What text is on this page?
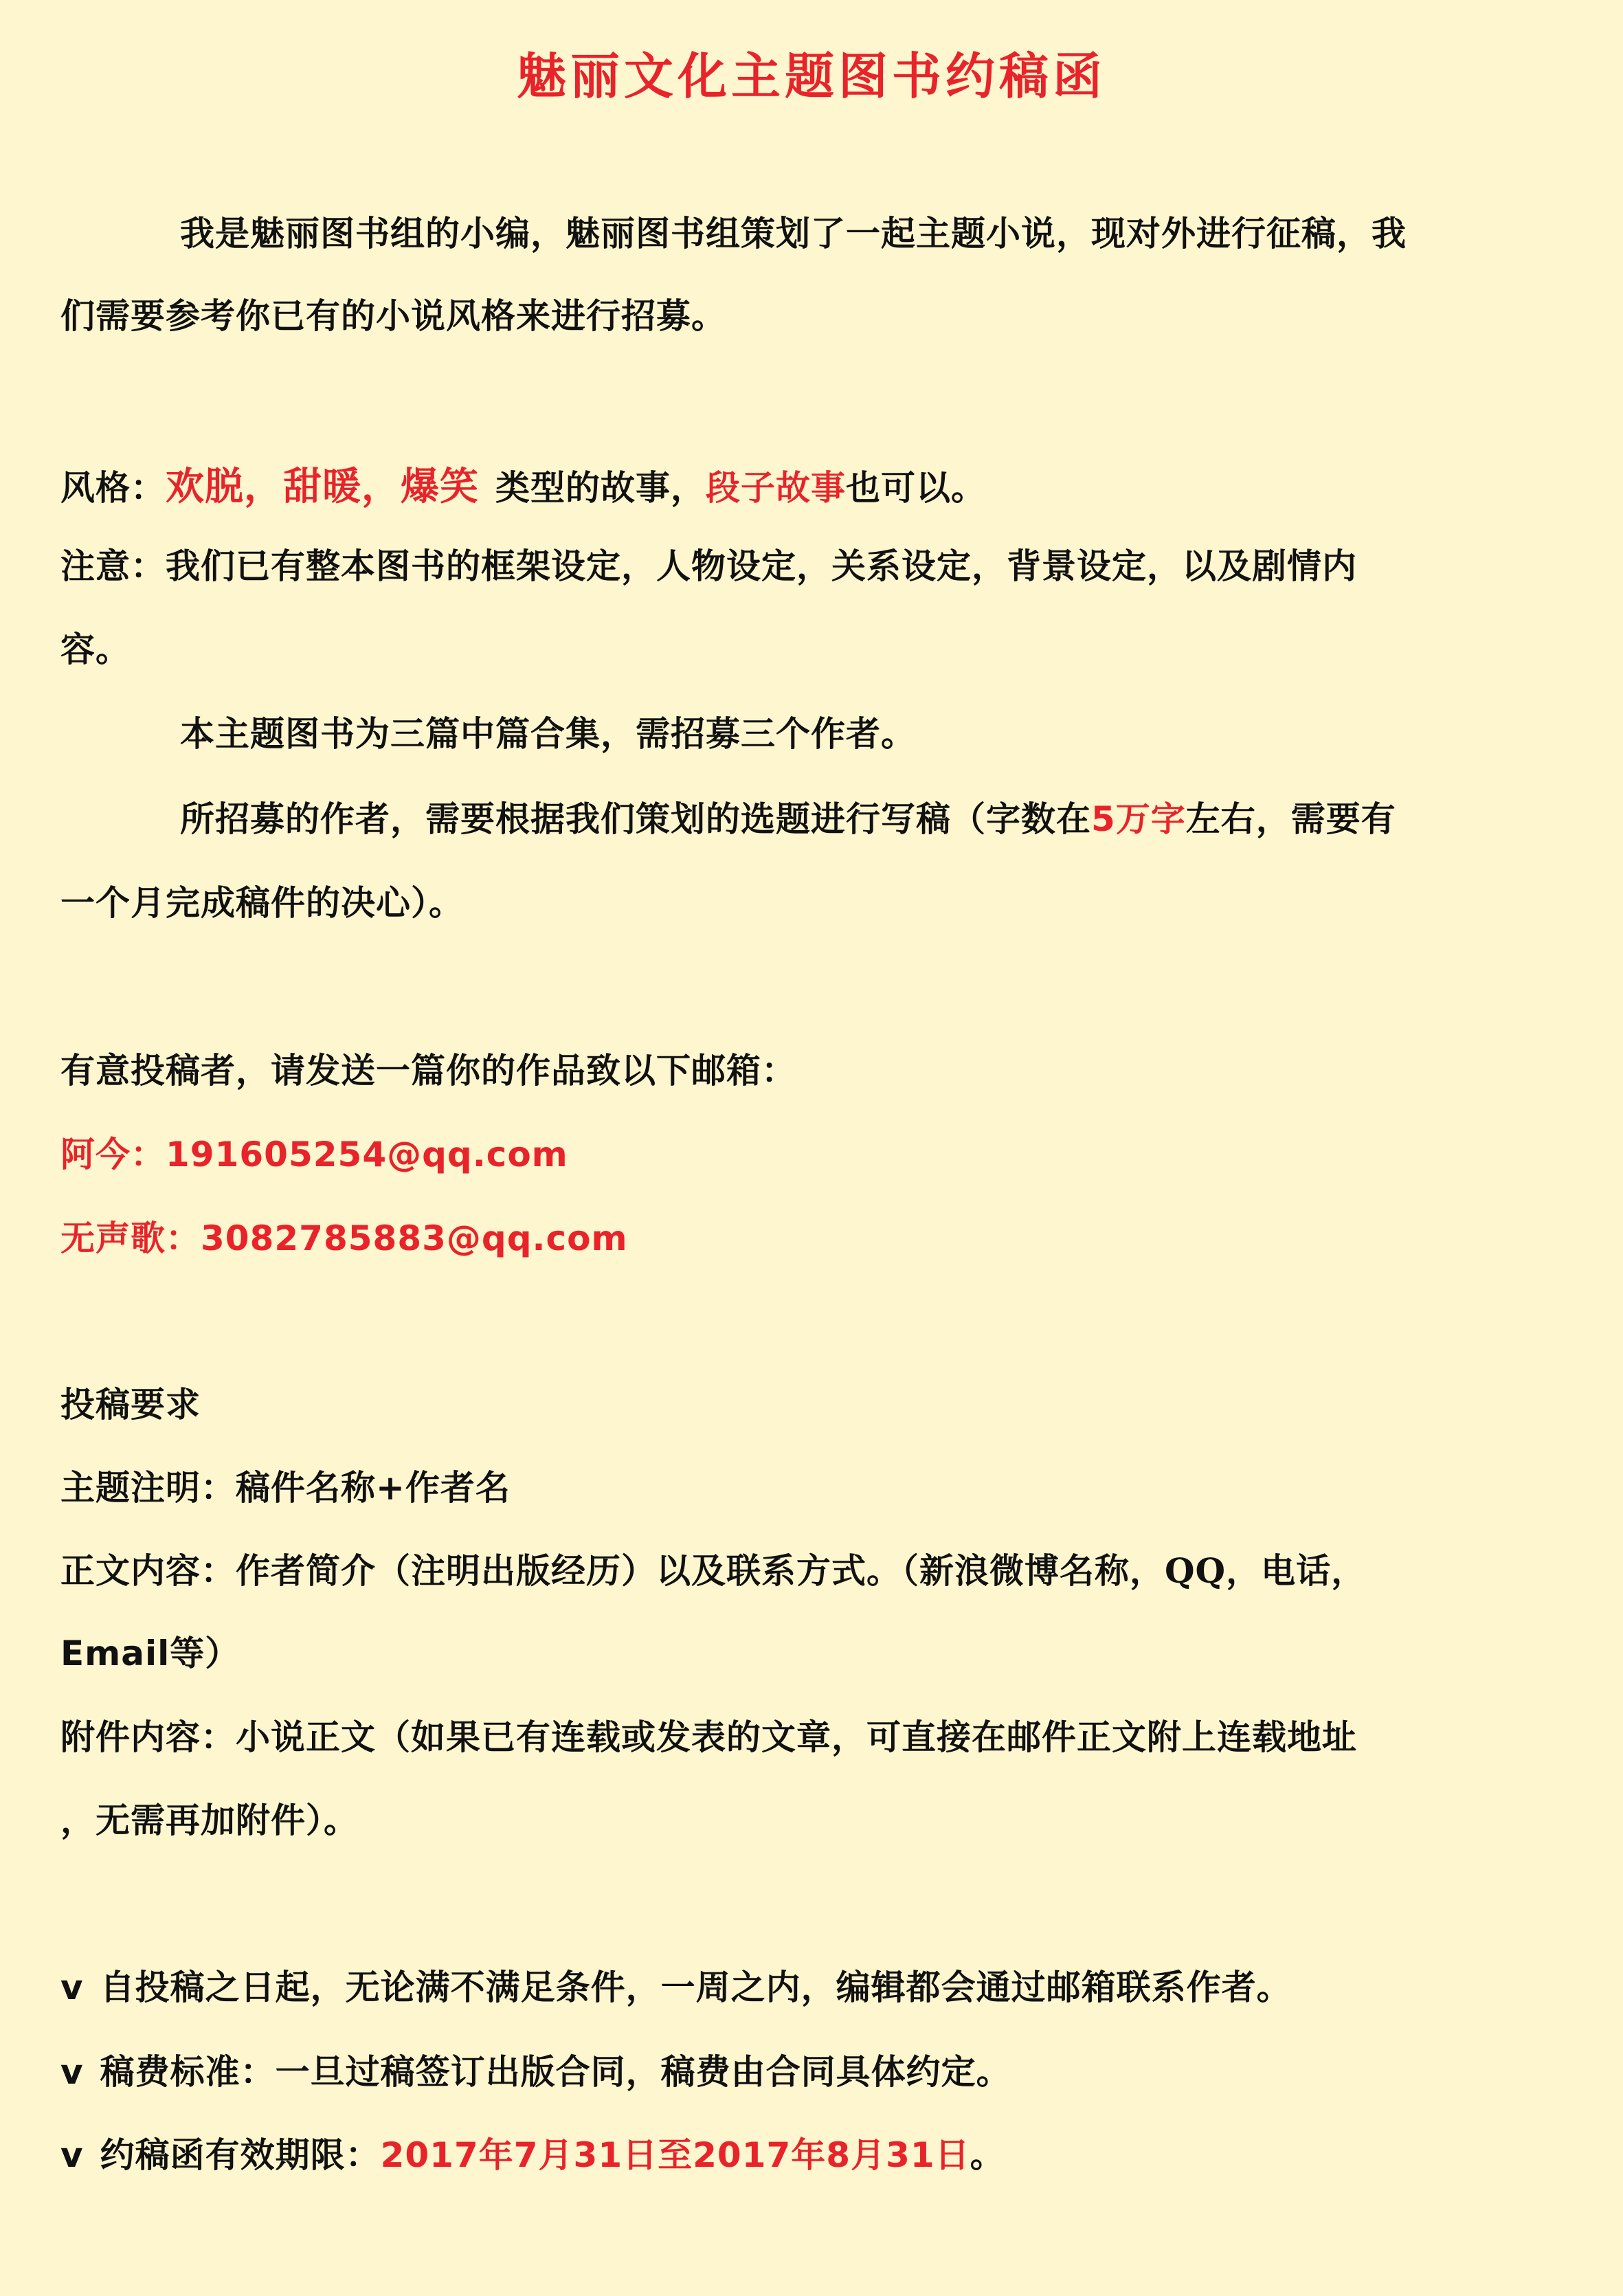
魅丽文化主题图书约稿函
我是魅丽图书组的小编，魅丽图书组策划了一起主题小说，现对外进行征稿，我
们需要参考你已有的小说风格来进行招募。
风格：欢脱，甜暖，爆笑 类型的故事，段子故事也可以。
注意：我们已有整本图书的框架设定，人物设定，关系设定，背景设定，以及剧情内
容。
本主题图书为三篇中篇合集，需招募三个作者。
所招募的作者，需要根据我们策划的选题进行写稿（字数在5万字左右，需要有
一个月完成稿件的决心）。
有意投稿者，请发送一篇你的作品致以下邮箱：
阿今：191605254@qq.com
无声歌：3082785883@qq.com
投稿要求
主题注明：稿件名称+作者名
正文内容：作者简介（注明出版经历）以及联系方式。（新浪微博名称，QQ，电话，
Email等）
附件内容：小说正文（如果已有连载或发表的文章，可直接在邮件正文附上连载地址
，无需再加附件）。
v 自投稿之日起，无论满不满足条件，一周之内，编辑都会通过邮箱联系作者。
v 稿费标准：一旦过稿签订出版合同，稿费由合同具体约定。
v 约稿函有效期限：2017年7月31日至2017年8月31日。
